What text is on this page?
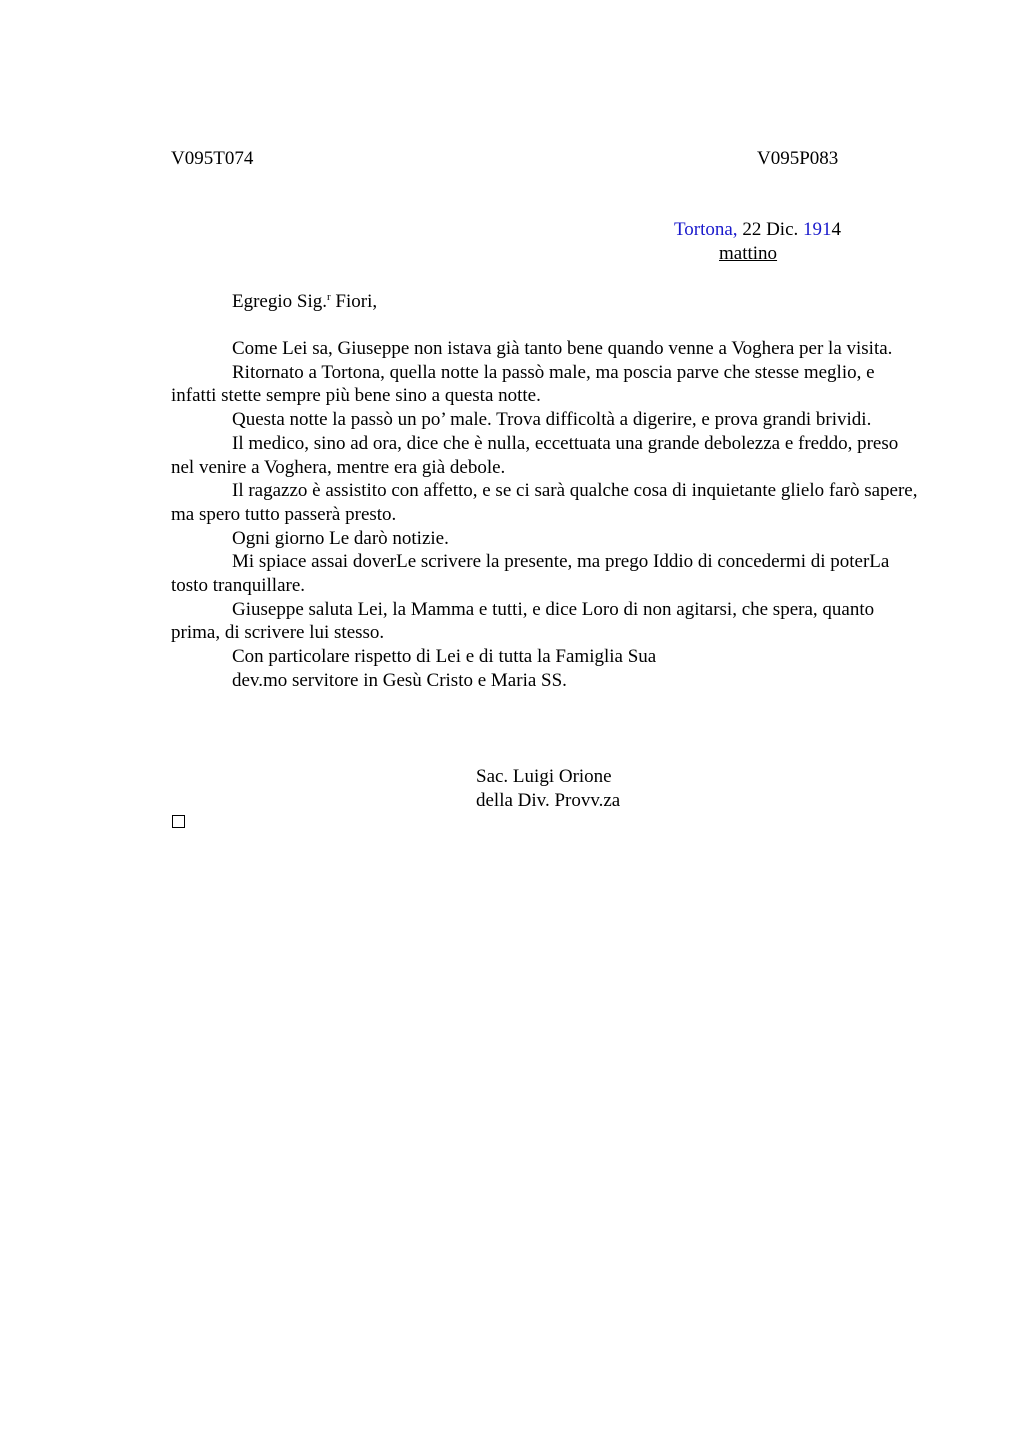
V095T074	V095P083
Tortona, 22 Dic. 1914
mattino
Egregio Sig.$^r$ Fiori,

Come Lei sa, Giuseppe non istava già tanto bene quando venne a Voghera per la visita.

Ritornato a Tortona, quella notte la passò male, ma poscia parve che stesse meglio, e infatti stette sempre più bene sino a questa notte.

Questa notte la passò un po’ male. Trova difficoltà a digerire, e prova grandi brividi.

Il medico, sino ad ora, dice che è nulla, eccettuata una grande debolezza e freddo, preso nel venire a Voghera, mentre era già debole.

Il ragazzo è assistito con affetto, e se ci sarà qualche cosa di inquietante glielo farò sapere, ma spero tutto passerà presto.

Ogni giorno Le darò notizie.

Mi spiace assai doverLe scrivere la presente, ma prego Iddio di concedermi di poterLa tosto tranquillare.

Giuseppe saluta Lei, la Mamma e tutti, e dice Loro di non agitarsi, che spera, quanto prima, di scrivere lui stesso.

Con particolare rispetto di Lei e di tutta la Famiglia Sua

dev.mo servitore in Gesù Cristo e Maria SS.

Sac. Luigi Orione
della Div. Provv.za
